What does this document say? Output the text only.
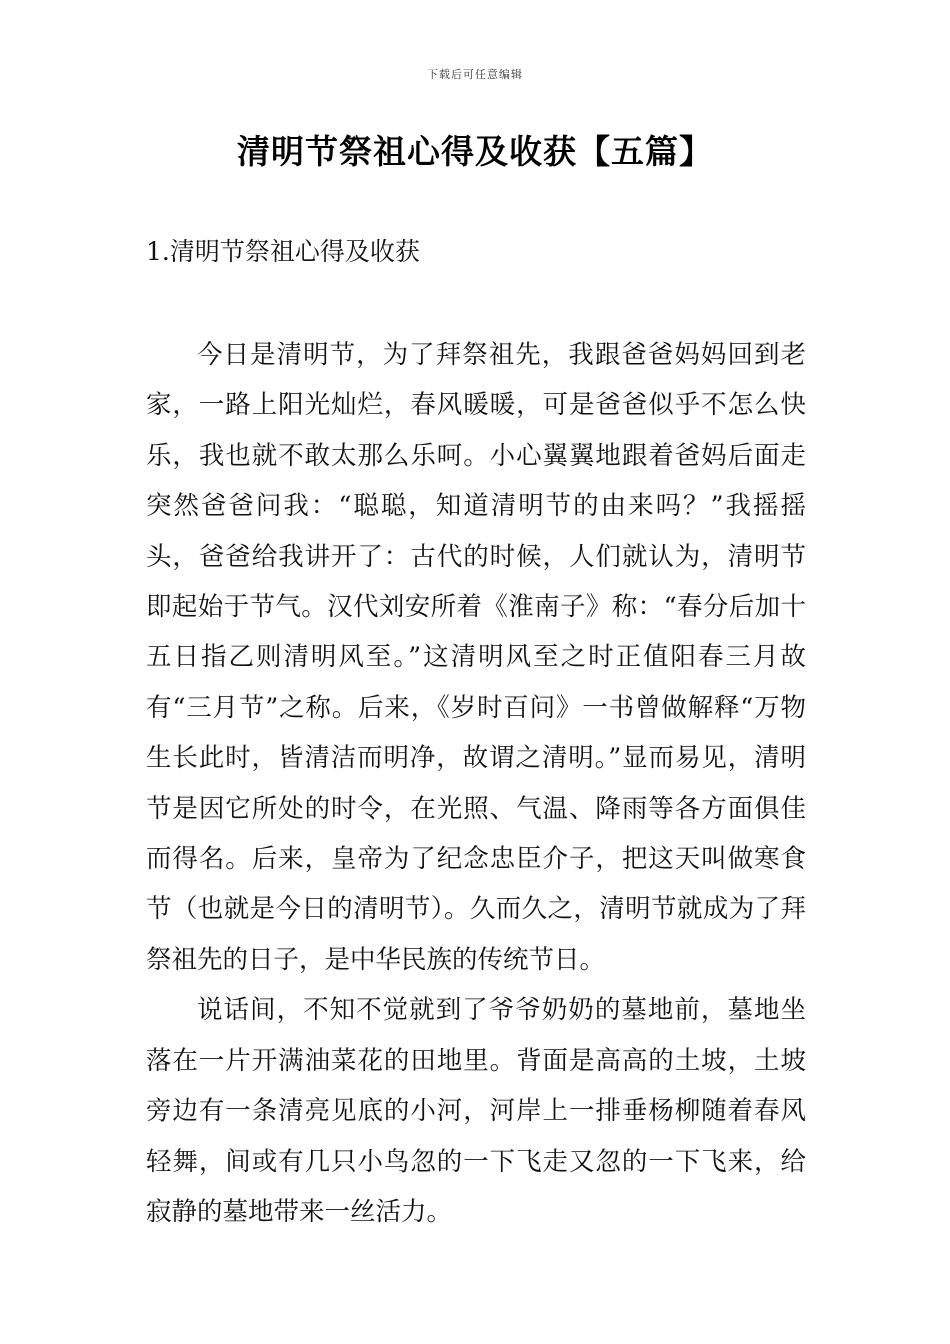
下载后可任意编辑
清明节祭祖心得及收获【五篇】
1.清明节祭祖心得及收获

今日是清明节，为了拜祭祖先，我跟爸爸妈妈回到老家，一路上阳光灿烂，春风暖暖，可是爸爸似乎不怎么快乐，我也就不敢太那么乐呵。小心翼翼地跟着爸妈后面走突然爸爸问我：“聪聪，知道清明节的由来吗？”我摇摇头，爸爸给我讲开了：古代的时候，人们就认为，清明节即起始于节气。汉代刘安所着《淮南子》称：“春分后加十五日指乙则清明风至。”这清明风至之时正值阳春三月故有“三月节”之称。后来，《岁时百问》一书曾做解释“万物生长此时，皆清洁而明净，故谓之清明。”显而易见，清明节是因它所处的时令，在光照、气温、降雨等各方面俱佳而得名。后来，皇帝为了纪念忠臣介子，把这天叫做寒食节（也就是今日的清明节）。久而久之，清明节就成为了拜祭祖先的日子，是中华民族的传统节日。

说话间，不知不觉就到了爷爷奶奶的墓地前，墓地坐落在一片开满油菜花的田地里。背面是高高的土坡，土坡旁边有一条清亮见底的小河，河岸上一排垂杨柳随着春风轻舞，间或有几只小鸟忽的一下飞走又忽的一下飞来，给寂静的墓地带来一丝活力。
